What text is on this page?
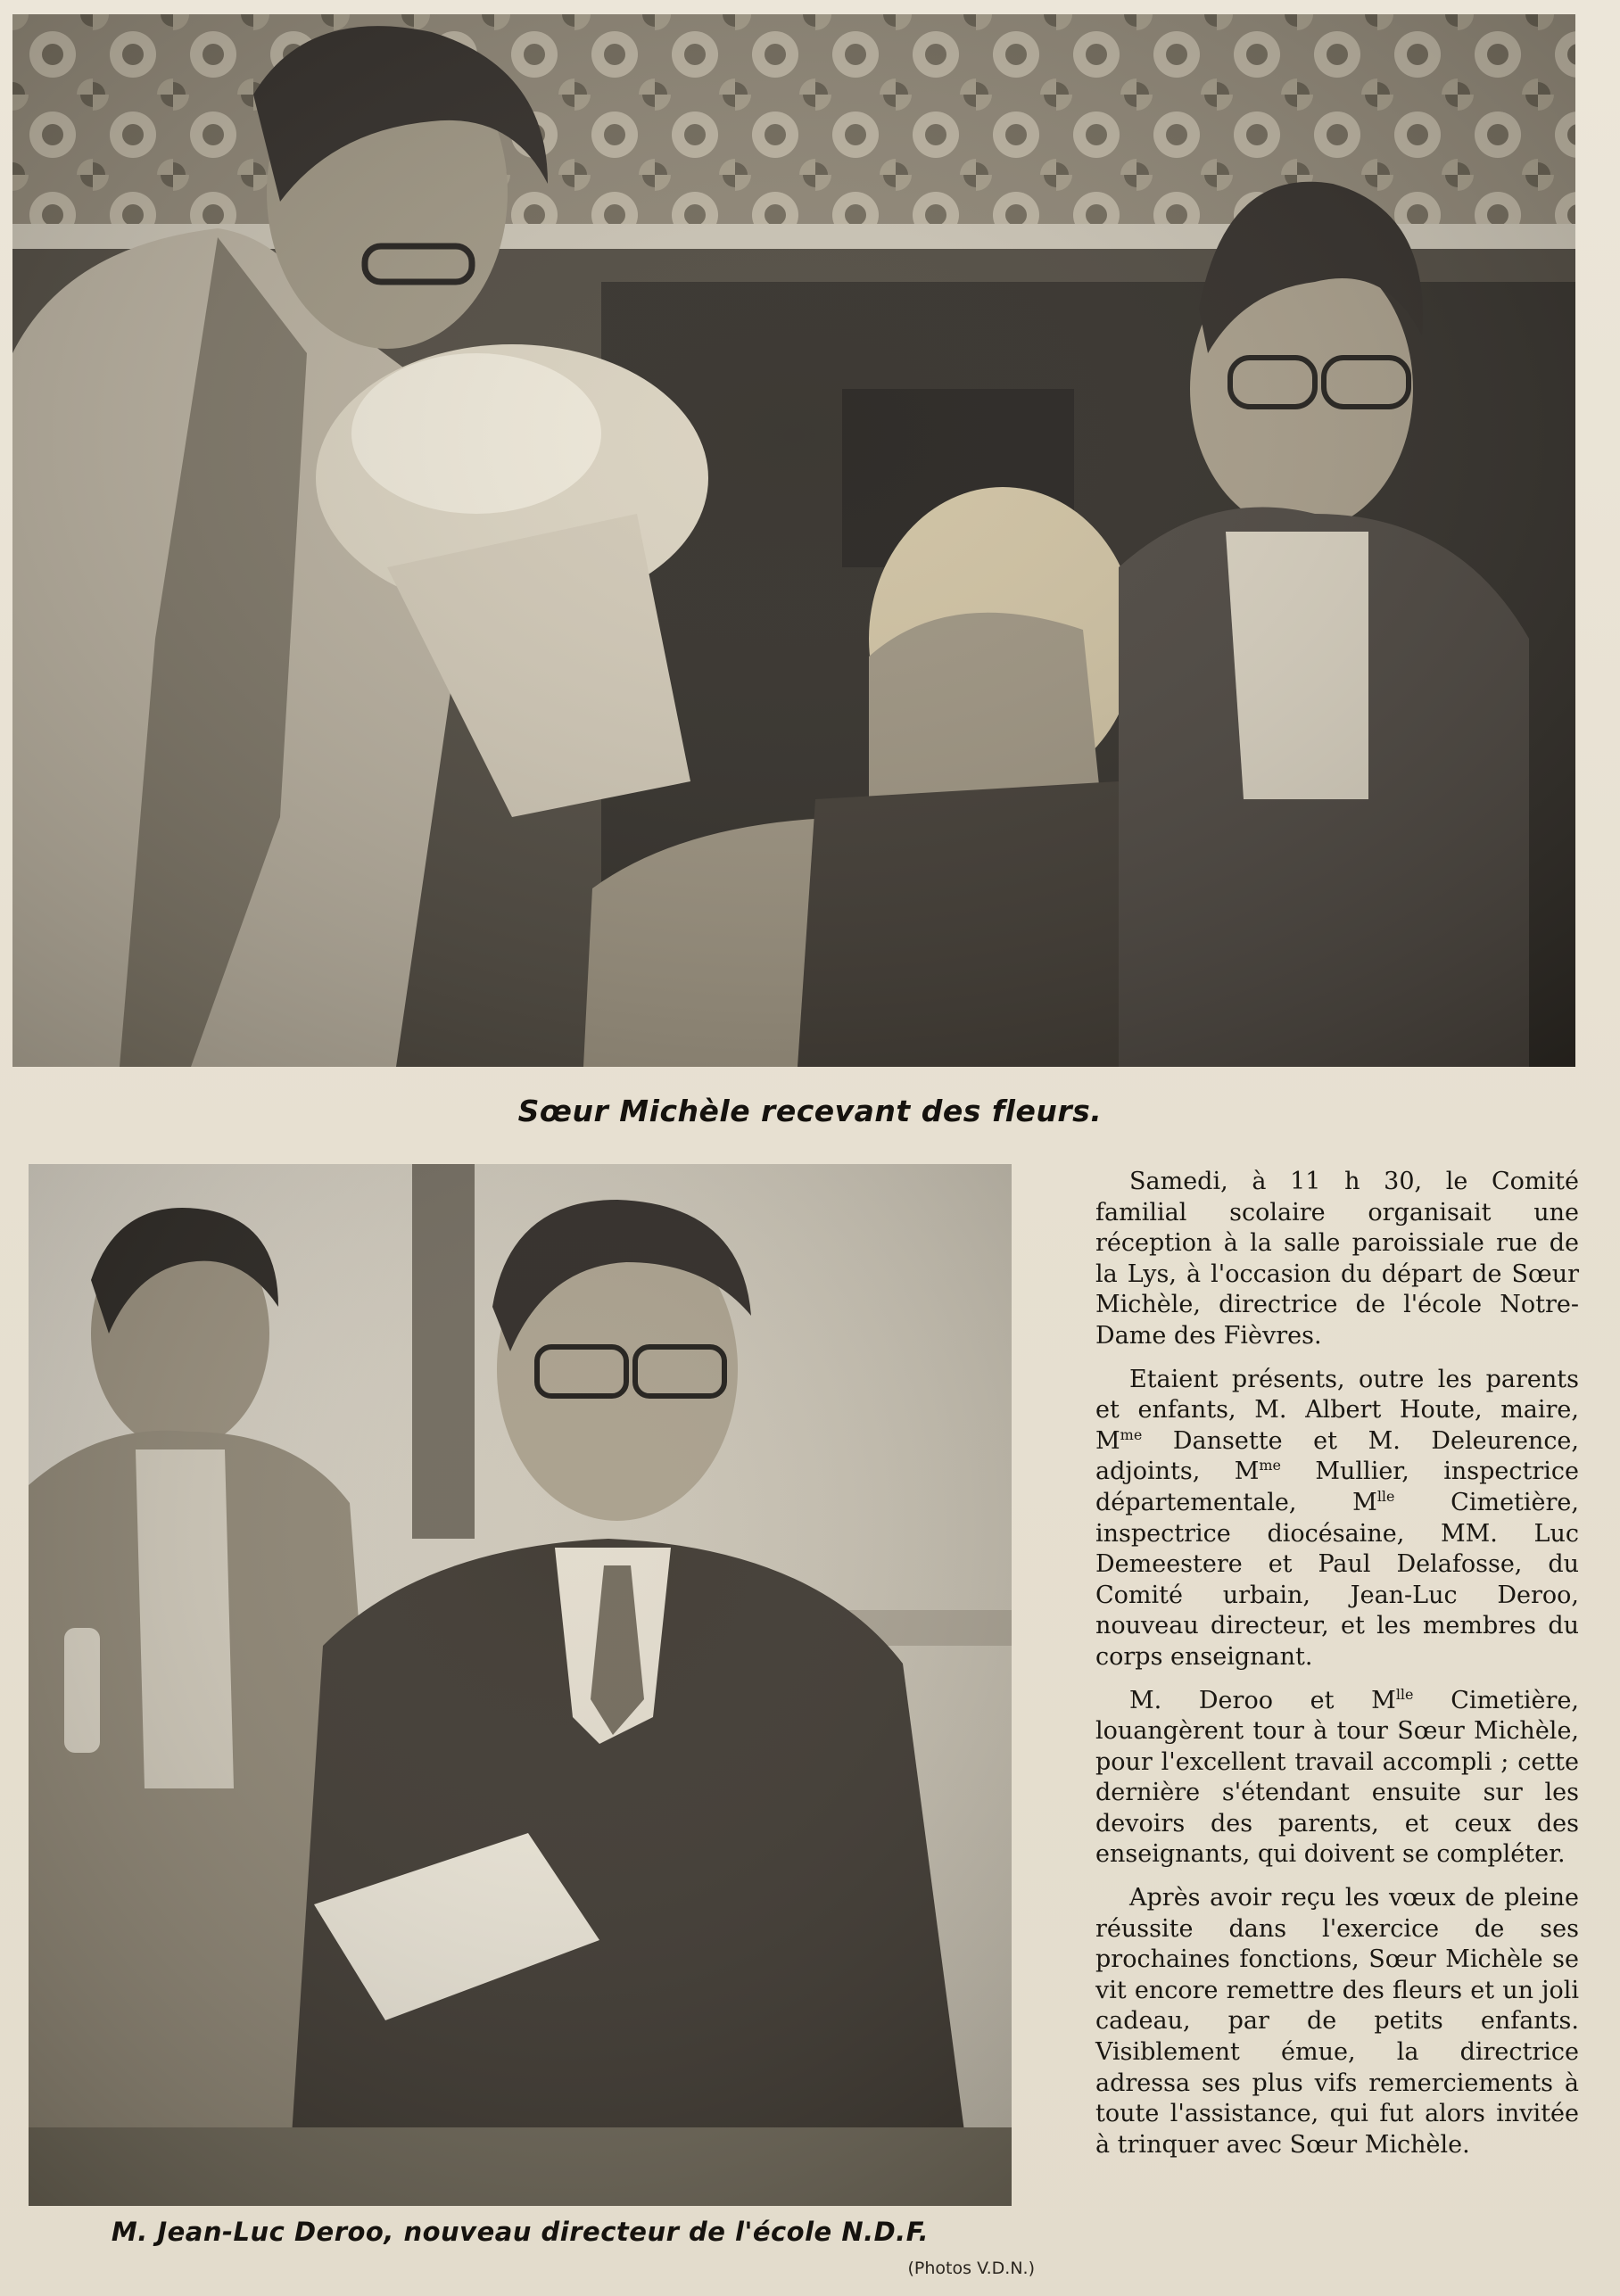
Sœur Michèle recevant des fleurs.
M. Jean-Luc Deroo, nouveau directeur de l'école N.D.F.
(Photos V.D.N.)

Samedi, à 11 h 30, le Comité familial scolaire organisait une réception à la salle paroissiale rue de la Lys, à l'occasion du départ de Sœur Michèle, directrice de l'école Notre-Dame des Fièvres.

Etaient présents, outre les parents et enfants, M. Albert Houte, maire, $M^{me}$ Dansette et M. Deleurence, adjoints, $M^{me}$ Mullier, inspectrice départementale, $M^{lle}$ Cimetière, inspectrice diocésaine, MM. Luc Demeestere et Paul Delafosse, du Comité urbain, Jean-Luc Deroo, nouveau directeur, et les membres du corps enseignant.

M. Deroo et $M^{lle}$ Cimetière, louangèrent tour à tour Sœur Michèle, pour l'excellent travail accompli ; cette dernière s'étendant ensuite sur les devoirs des parents, et ceux des enseignants, qui doivent se compléter.

Après avoir reçu les vœux de pleine réussite dans l'exercice de ses prochaines fonctions, Sœur Michèle se vit encore remettre des fleurs et un joli cadeau, par de petits enfants. Visiblement émue, la directrice adressa ses plus vifs remerciements à toute l'assistance, qui fut alors invitée à trinquer avec Sœur Michèle.
